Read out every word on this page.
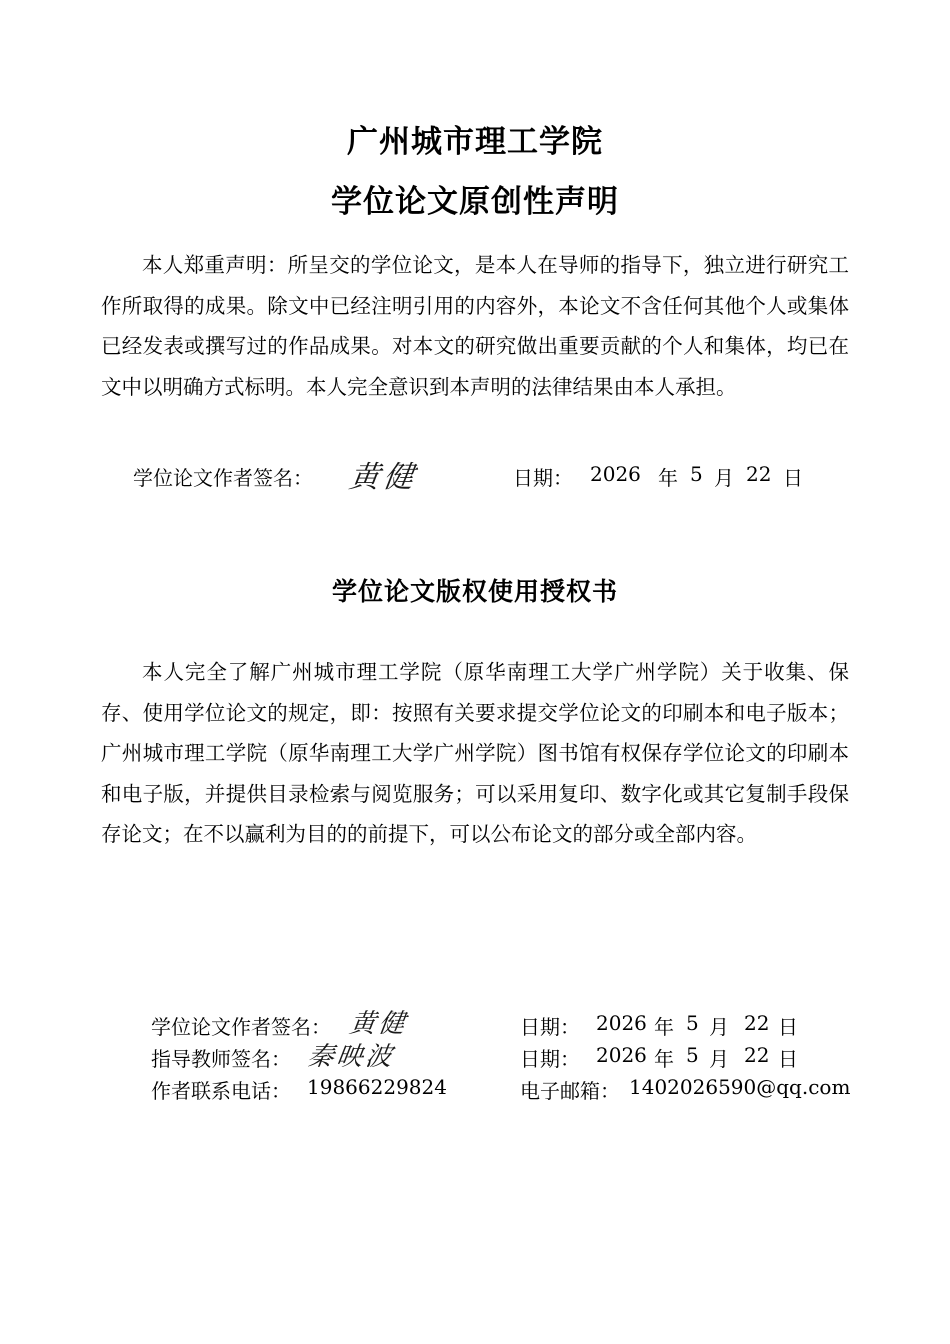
广州城市理工学院
学位论文原创性声明
本人郑重声明：所呈交的学位论文，是本人在导师的指导下，独立进行研究工作所取得的成果。除文中已经注明引用的内容外，本论文不含任何其他个人或集体已经发表或撰写过的作品成果。对本文的研究做出重要贡献的个人和集体，均已在文中以明确方式标明。本人完全意识到本声明的法律结果由本人承担。
学位论文作者签名： 黄健	日期： 2026 年 5 月 22 日
学位论文版权使用授权书
本人完全了解广州城市理工学院（原华南理工大学广州学院）关于收集、保存、使用学位论文的规定，即：按照有关要求提交学位论文的印刷本和电子版本；广州城市理工学院（原华南理工大学广州学院）图书馆有权保存学位论文的印刷本和电子版，并提供目录检索与阅览服务；可以采用复印、数字化或其它复制手段保存论文；在不以赢利为目的的前提下，可以公布论文的部分或全部内容。
学位论文作者签名： 黄健	日期： 2026 年 5 月 22 日
指导教师签名： 秦映波	日期： 2026 年 5 月 22 日
作者联系电话： 19866229824	电子邮箱： 1402026590@qq.com
